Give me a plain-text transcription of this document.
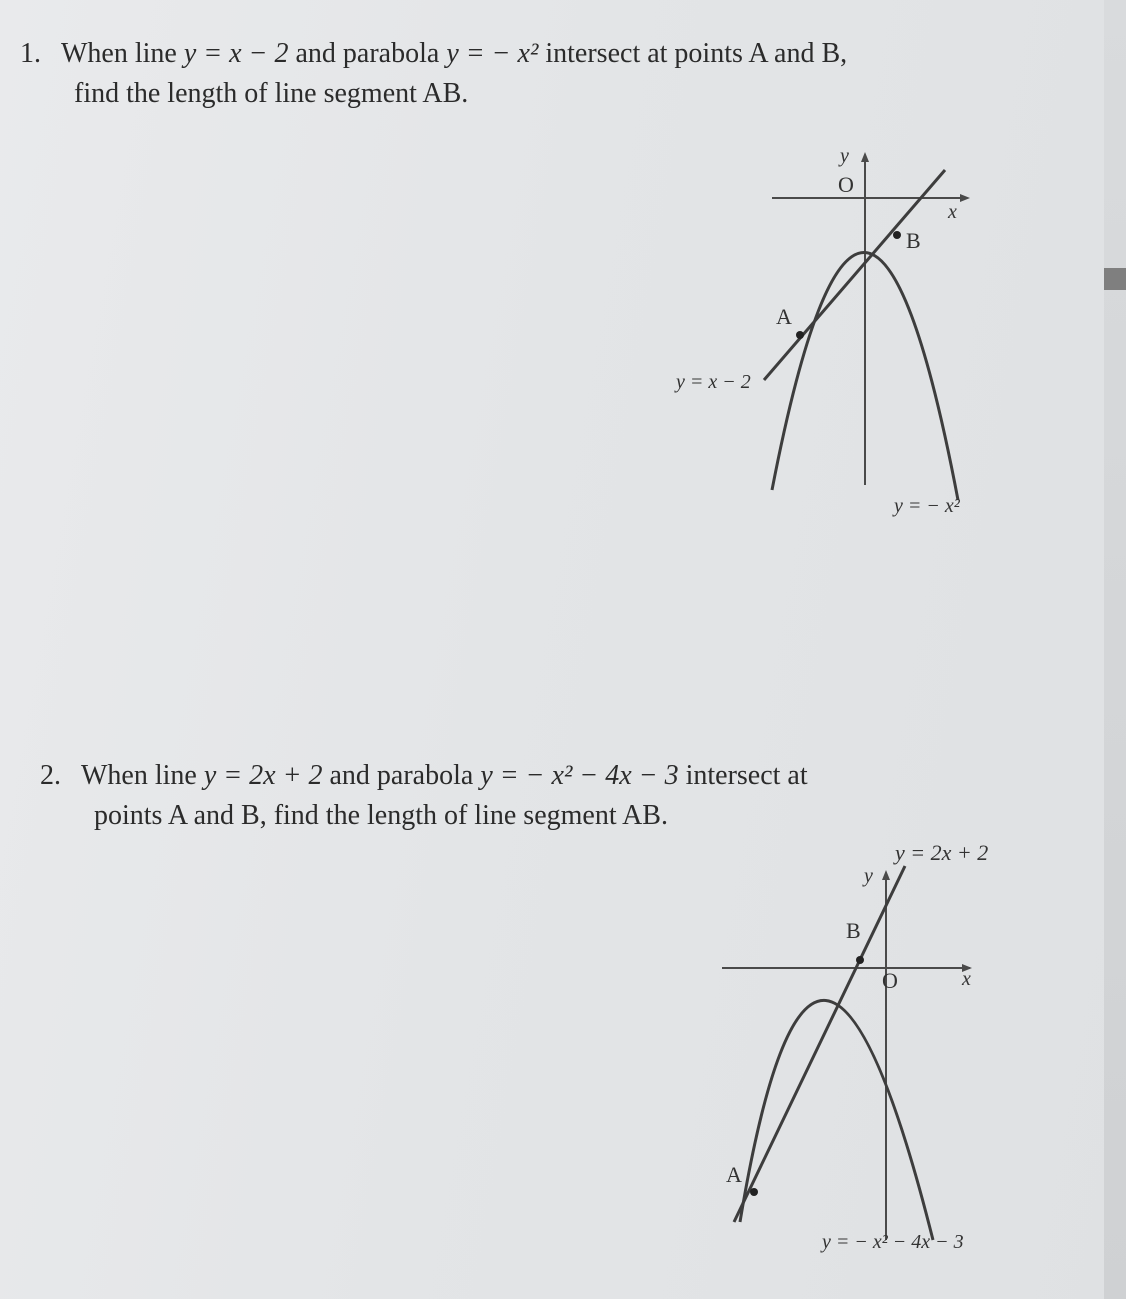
1. When line y = x − 2 and parabola y = − x² intersect at points A and B,
find the length of line segment AB.
y
O
x
B
A
y = x − 2
y = − x²
2. When line y = 2x + 2 and parabola y = − x² − 4x − 3 intersect at
points A and B, find the length of line segment AB.
y = 2x + 2
y
B
O	x
A
y = − x² − 4x − 3
